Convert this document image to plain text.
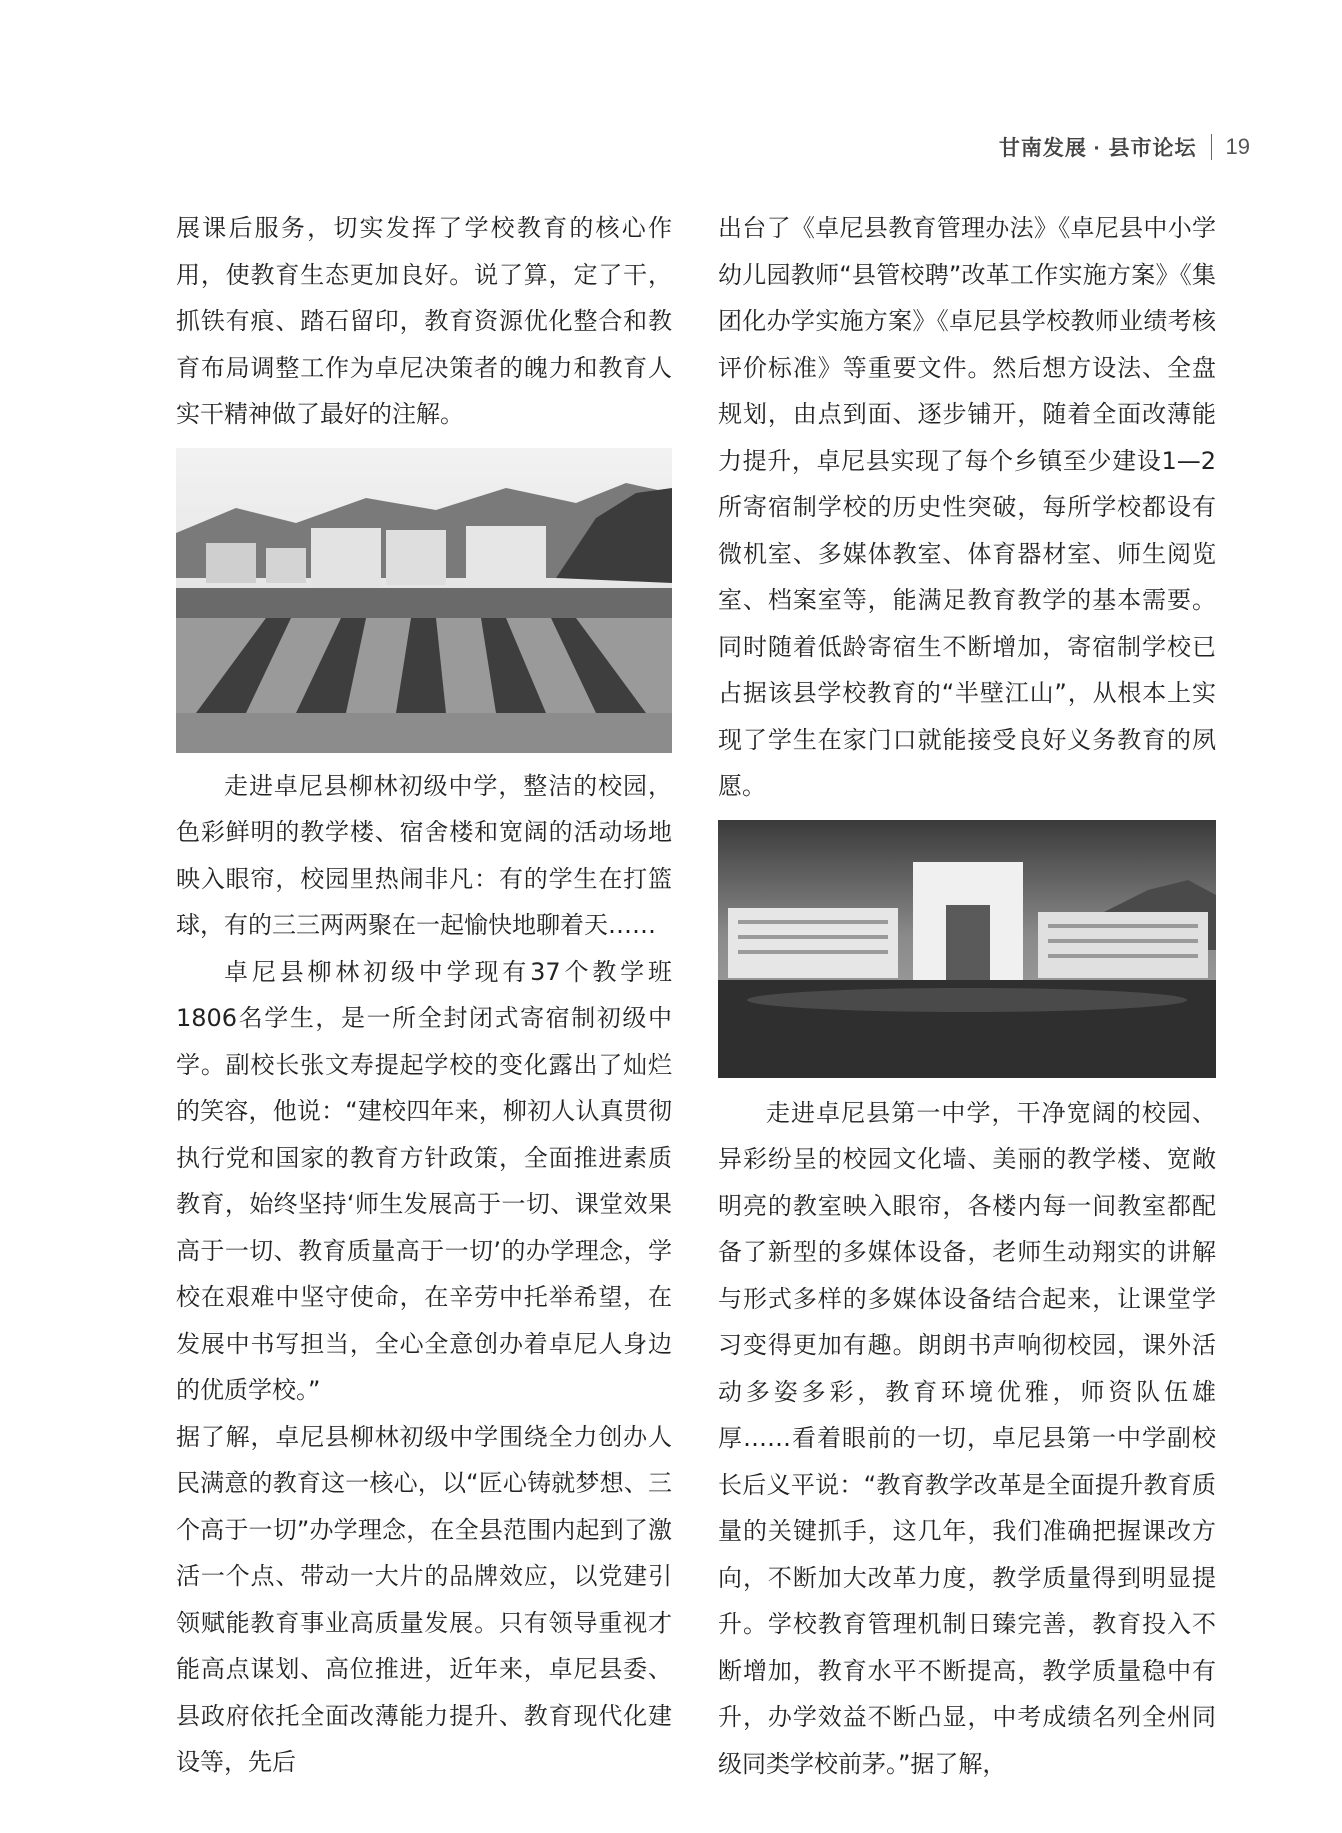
甘南发展 · 县市论坛 19

展课后服务，切实发挥了学校教育的核心作用，使教育生态更加良好。说了算，定了干，抓铁有痕、踏石留印，教育资源优化整合和教育布局调整工作为卓尼决策者的魄力和教育人实干精神做了最好的注解。

走进卓尼县柳林初级中学，整洁的校园，色彩鲜明的教学楼、宿舍楼和宽阔的活动场地映入眼帘，校园里热闹非凡：有的学生在打篮球，有的三三两两聚在一起愉快地聊着天……

卓尼县柳林初级中学现有37个教学班1806名学生，是一所全封闭式寄宿制初级中学。副校长张文寿提起学校的变化露出了灿烂的笑容，他说：“建校四年来，柳初人认真贯彻执行党和国家的教育方针政策，全面推进素质教育，始终坚持‘师生发展高于一切、课堂效果高于一切、教育质量高于一切’的办学理念，学校在艰难中坚守使命，在辛劳中托举希望，在发展中书写担当，全心全意创办着卓尼人身边的优质学校。”

据了解，卓尼县柳林初级中学围绕全力创办人民满意的教育这一核心，以“匠心铸就梦想、三个高于一切”办学理念，在全县范围内起到了激活一个点、带动一大片的品牌效应，以党建引领赋能教育事业高质量发展。只有领导重视才能高点谋划、高位推进，近年来，卓尼县委、县政府依托全面改薄能力提升、教育现代化建设等，先后

出台了《卓尼县教育管理办法》《卓尼县中小学幼儿园教师“县管校聘”改革工作实施方案》《集团化办学实施方案》《卓尼县学校教师业绩考核评价标准》等重要文件。然后想方设法、全盘规划，由点到面、逐步铺开，随着全面改薄能力提升，卓尼县实现了每个乡镇至少建设1—2所寄宿制学校的历史性突破，每所学校都设有微机室、多媒体教室、体育器材室、师生阅览室、档案室等，能满足教育教学的基本需要。同时随着低龄寄宿生不断增加，寄宿制学校已占据该县学校教育的“半壁江山”，从根本上实现了学生在家门口就能接受良好义务教育的夙愿。

走进卓尼县第一中学，干净宽阔的校园、异彩纷呈的校园文化墙、美丽的教学楼、宽敞明亮的教室映入眼帘，各楼内每一间教室都配备了新型的多媒体设备，老师生动翔实的讲解与形式多样的多媒体设备结合起来，让课堂学习变得更加有趣。朗朗书声响彻校园，课外活动多姿多彩，教育环境优雅，师资队伍雄厚……看着眼前的一切，卓尼县第一中学副校长后义平说：“教育教学改革是全面提升教育质量的关键抓手，这几年，我们准确把握课改方向，不断加大改革力度，教学质量得到明显提升。学校教育管理机制日臻完善，教育投入不断增加，教育水平不断提高，教学质量稳中有升，办学效益不断凸显，中考成绩名列全州同级同类学校前茅。”据了解，
